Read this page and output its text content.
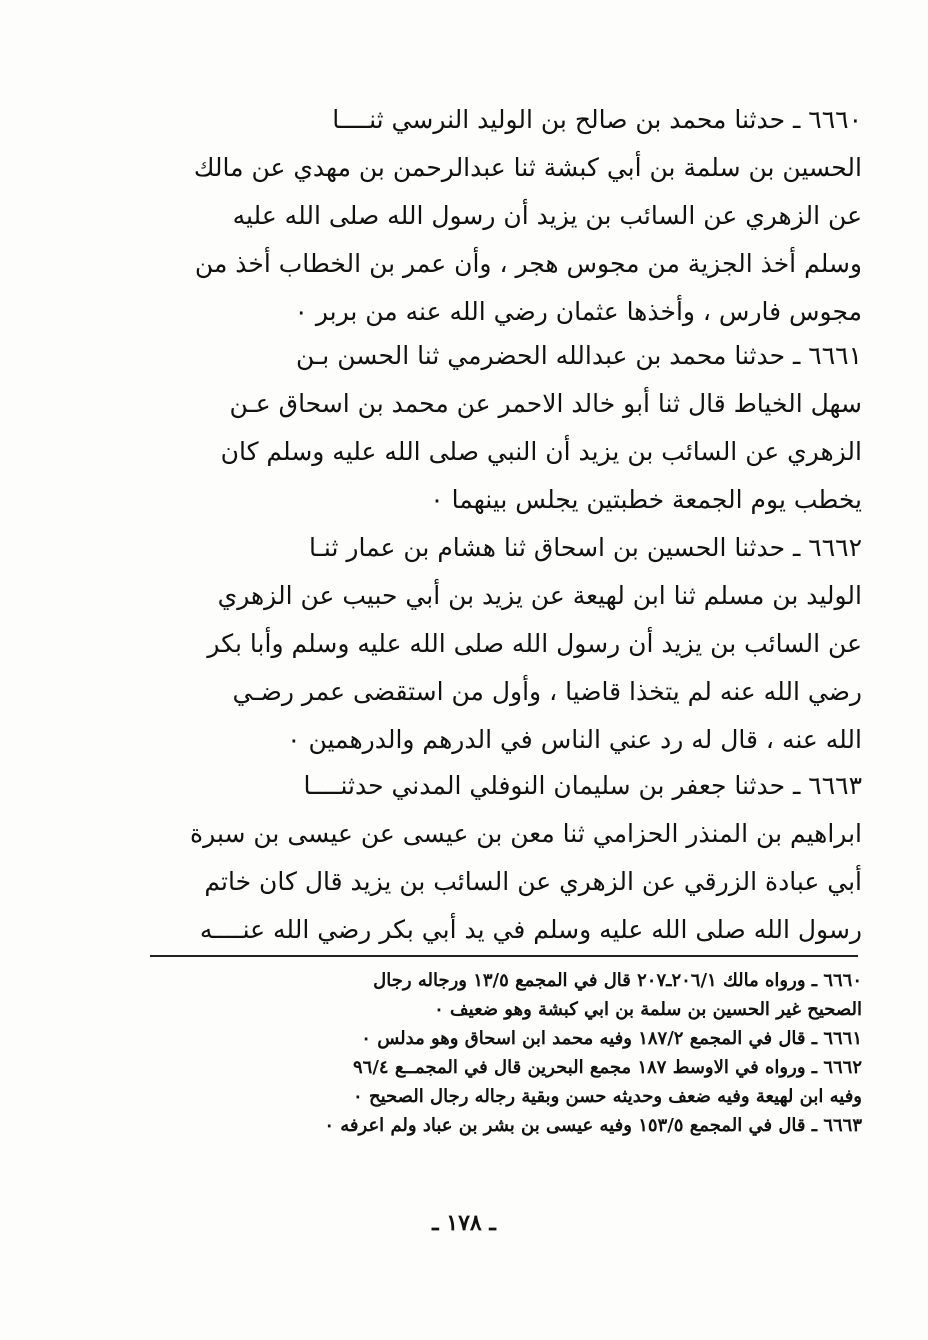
٦٦٦٠ ـ حدثنا محمد بن صالح بن الوليد النرسي ثنــــا
الحسين بن سلمة بن أبي كبشة ثنا عبدالرحمن بن مهدي عن مالك
عن الزهري عن السائب بن يزيد أن رسول الله صلى الله عليه
وسلم أخذ الجزية من مجوس هجر ، وأن عمر بن الخطاب أخذ من
مجوس فارس ، وأخذها عثمان رضي الله عنه من بربر ٠

٦٦٦١ ـ حدثنا محمد بن عبدالله الحضرمي ثنا الحسن بـن
سهل الخياط قال ثنا أبو خالد الاحمر عن محمد بن اسحاق عـن
الزهري عن السائب بن يزيد أن النبي صلى الله عليه وسلم كان
يخطب يوم الجمعة خطبتين يجلس بينهما ٠

٦٦٦٢ ـ حدثنا الحسين بن اسحاق ثنا هشام بن عمار ثنـا
الوليد بن مسلم ثنا ابن لهيعة عن يزيد بن أبي حبيب عن الزهري
عن السائب بن يزيد أن رسول الله صلى الله عليه وسلم وأبا بكر
رضي الله عنه لم يتخذا قاضيا ، وأول من استقضى عمر رضـي
الله عنه ، قال له رد عني الناس في الدرهم والدرهمين ٠

٦٦٦٣ ـ حدثنا جعفر بن سليمان النوفلي المدني حدثنــــا
ابراهيم بن المنذر الحزامي ثنا معن بن عيسى عن عيسى بن سبرة
أبي عبادة الزرقي عن الزهري عن السائب بن يزيد قال كان خاتم
رسول الله صلى الله عليه وسلم في يد أبي بكر رضي الله عنــــه

٦٦٦٠ ـ ورواه مالك ٢٠٦/١ـ٢٠٧ قال في المجمع ١٣/٥ ورجاله رجال
الصحيح غير الحسين بن سلمة بن ابي كبشة وهو ضعيف ٠
٦٦٦١ ـ قال في المجمع ١٨٧/٢ وفيه محمد ابن اسحاق وهو مدلس ٠
٦٦٦٢ ـ ورواه في الاوسط ١٨٧ مجمع البحرين قال في المجمــع ٩٦/٤
وفيه ابن لهيعة وفيه ضعف وحديثه حسن وبقية رجاله رجال الصحيح ٠
٦٦٦٣ ـ قال في المجمع ١٥٣/٥ وفيه عيسى بن بشر بن عباد ولم اعرفه ٠
ـ ١٧٨ ـ
